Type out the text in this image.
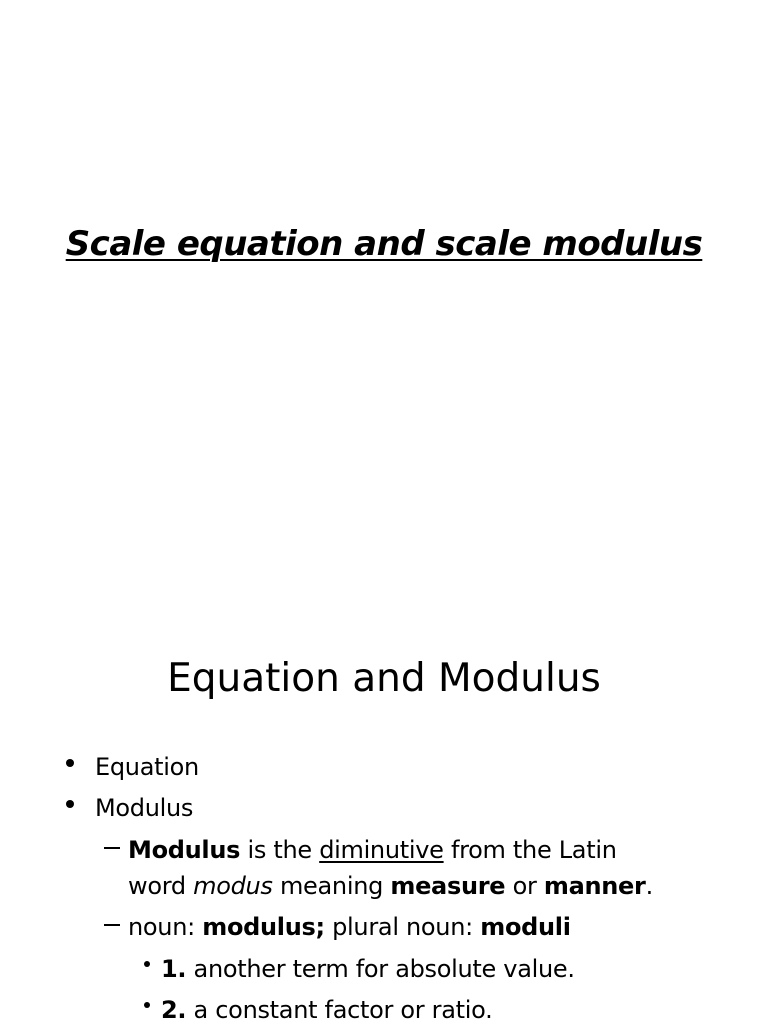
Scale equation and scale modulus
Equation and Modulus
Equation
Modulus
Modulus is the diminutive from the Latin
word modus meaning measure or manner.
noun: modulus; plural noun: moduli
1. another term for absolute value.
2. a constant factor or ratio.
